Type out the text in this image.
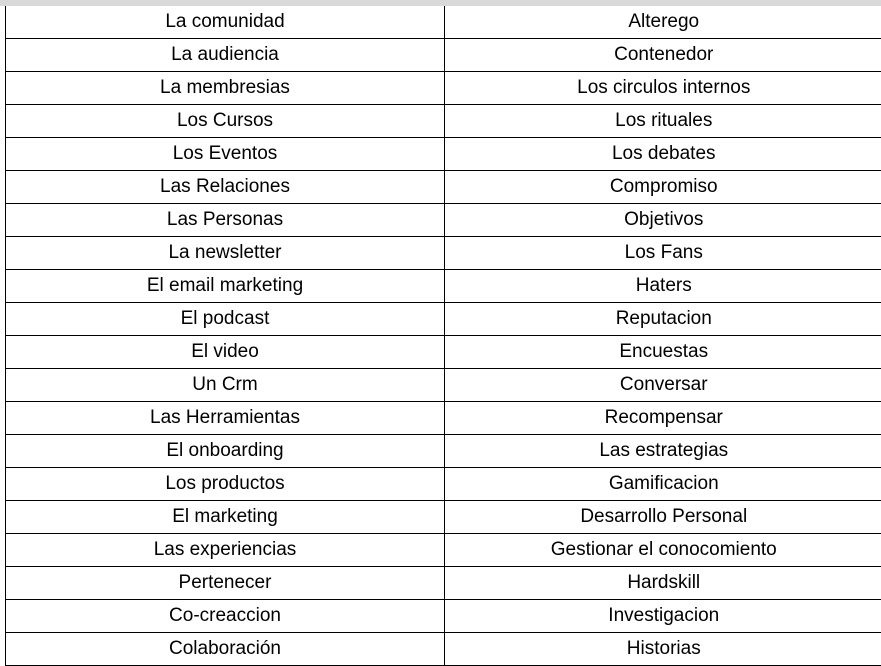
La comunidad	Alterego
La audiencia	Contenedor
La membresias	Los circulos internos
Los Cursos	Los rituales
Los Eventos	Los debates
Las Relaciones	Compromiso
Las Personas	Objetivos
La newsletter	Los Fans
El email marketing	Haters
El podcast	Reputacion
El video	Encuestas
Un Crm	Conversar
Las Herramientas	Recompensar
El onboarding	Las estrategias
Los productos	Gamificacion
El marketing	Desarrollo Personal
Las experiencias	Gestionar el conocomiento
Pertenecer	Hardskill
Co-creaccion	Investigacion
Colaboración	Historias
